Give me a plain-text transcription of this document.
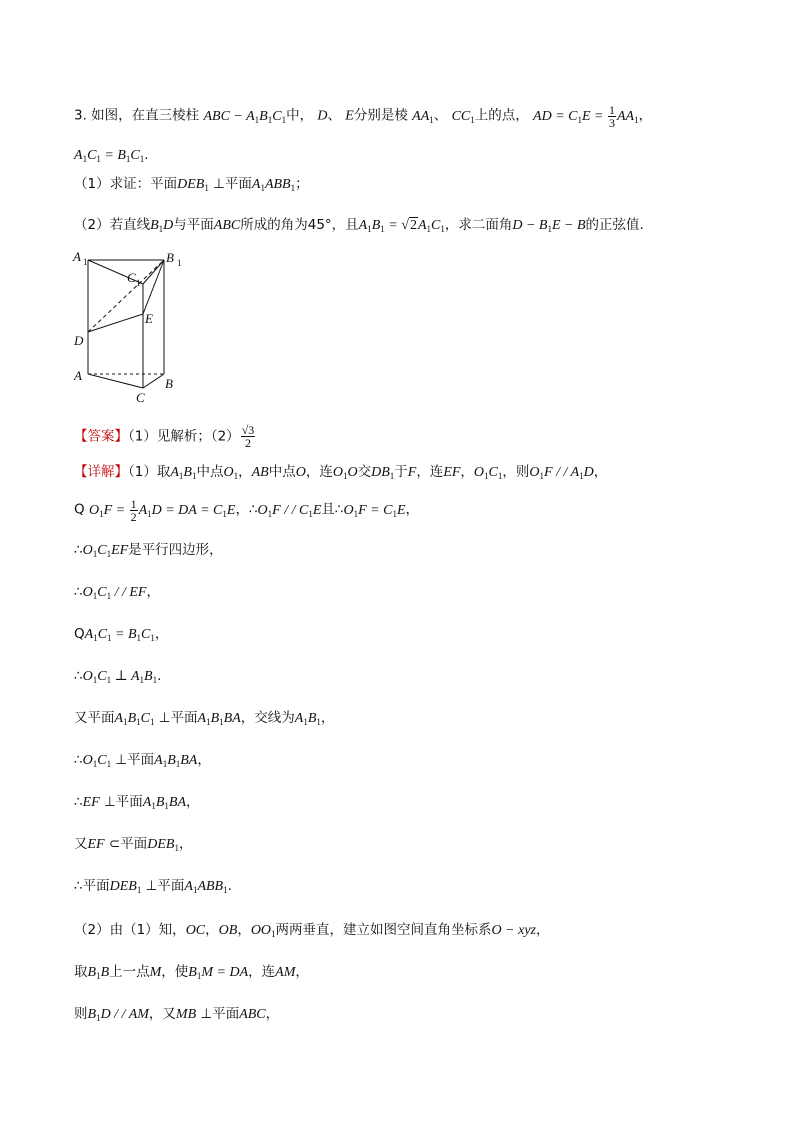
3. 如图，在直三棱柱 ABC − $A_1B_1C_1$中， D、 E分别是棱 $AA_1$、 $CC_1$上的点， AD = $C_1E = \frac{1}{3} AA_1$，
$A_1C_1 = B_1C_1$.
（1）求证：平面$DEB_1$ ⊥平面$A_1ABB_1$；
（2）若直线$B_1D$与平面ABC所成的角为45°，且$A_1B_1 = √2A_1C_1$，求二面角$D - B_1E - B$的正弦值.
A 1	B 1
C 1
E
D
A
B
C
【答案】（1）见解析；$(2) \frac{√3}{2}$
【详解】（1）取$A_1B_1$中点$O_1$，AB中点O，连$O_1O$交$DB_1$于F，连EF，$O_1C_1$，则$O_1F$ / / $A_1D$，
Q $O_1F = \frac{1}{2} A_1D$ = DA = $C_1E$，$\therefore O_1F$ / / $C_1E$且$\therefore O_1F = C_1E$，
$\therefore O_1C_1EF$是平行四边形，
$\therefore O_1C_1$ / / EF，
$QA_1C_1 = B_1C_1$，
$\therefore O_1C_1$ ⊥ $A_1B_1$.
又平面$A_1B_1C_1$ ⊥平面$A_1B_1BA$，交线为$A_1B_1$，
$\therefore O_1C_1$ ⊥平面$A_1B_1BA$，
∴EF ⊥平面$A_1B_1BA$，
又EF ⊂平面$DEB_1$，
∴平面$DEB_1$ ⊥平面$A_1ABB_1$.
（2）由（1）知，OC，OB，$OO_1$两两垂直，建立如图空间直角坐标系O − xyz，
取$B_1B$上一点M，使$B_1M$ = DA，连AM，
则$B_1D$ / / AM，又MB ⊥平面ABC，
